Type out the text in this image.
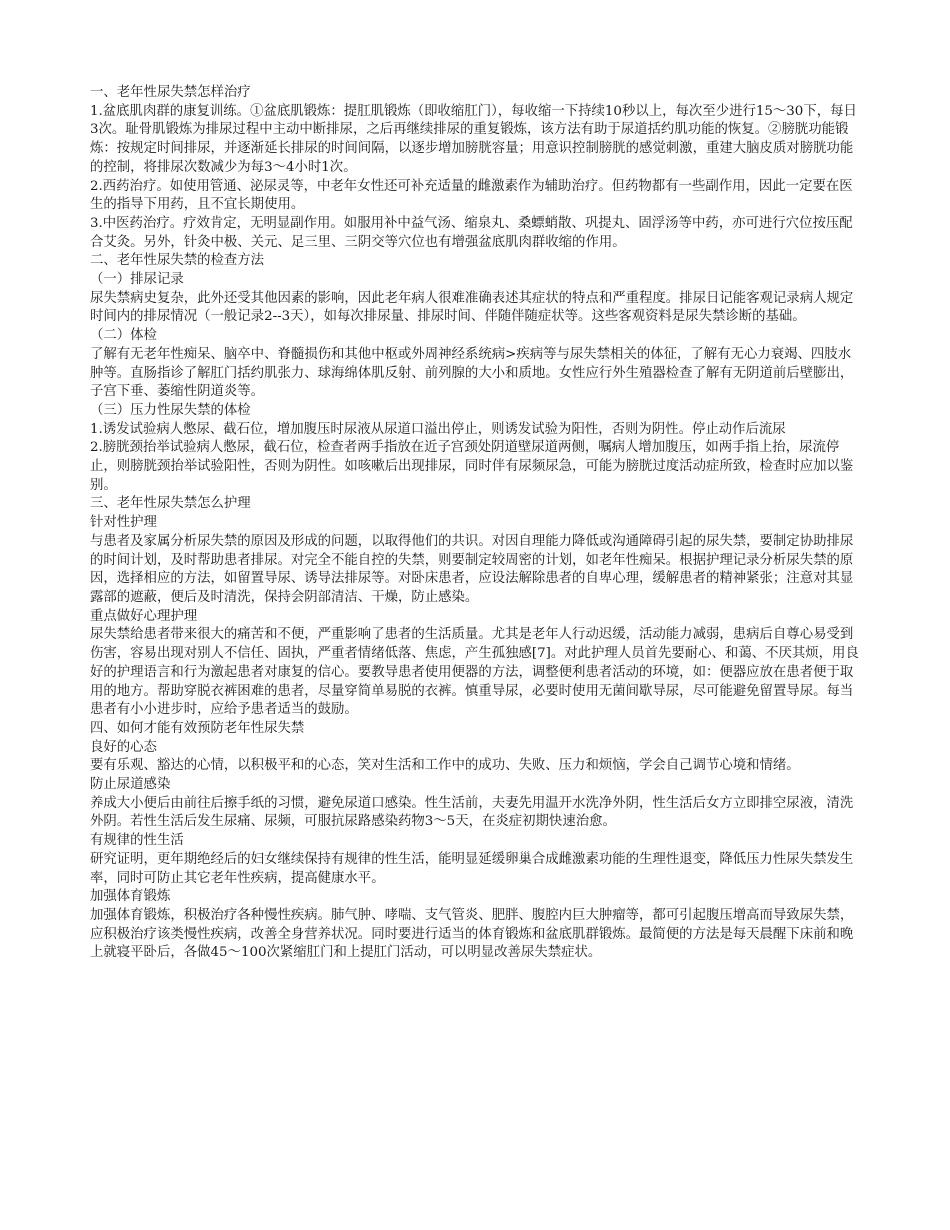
一、老年性尿失禁怎样治疗
1.盆底肌肉群的康复训练。①盆底肌锻炼：提肛肌锻炼（即收缩肛门），每收缩一下持续10秒以上，每次至少进行15～30下，每日3次。耻骨肌锻炼为排尿过程中主动中断排尿，之后再继续排尿的重复锻炼，该方法有助于尿道括约肌功能的恢复。②膀胱功能锻炼：按规定时间排尿，并逐渐延长排尿的时间间隔，以逐步增加膀胱容量；用意识控制膀胱的感觉刺激，重建大脑皮质对膀胱功能的控制，将排尿次数减少为每3～4小时1次。
2.西药治疗。如使用管通、泌尿灵等，中老年女性还可补充适量的雌激素作为辅助治疗。但药物都有一些副作用，因此一定要在医生的指导下用药，且不宜长期使用。
3.中医药治疗。疗效肯定，无明显副作用。如服用补中益气汤、缩泉丸、桑螵蛸散、巩提丸、固浮汤等中药，亦可进行穴位按压配合艾灸。另外，针灸中极、关元、足三里、三阴交等穴位也有增强盆底肌肉群收缩的作用。
二、老年性尿失禁的检查方法
（一）排尿记录
尿失禁病史复杂，此外还受其他因素的影响，因此老年病人很难准确表述其症状的特点和严重程度。排尿日记能客观记录病人规定时间内的排尿情况（一般记录2--3天），如每次排尿量、排尿时间、伴随伴随症状等。这些客观资料是尿失禁诊断的基础。
（二）体检
了解有无老年性痴呆、脑卒中、脊髓损伤和其他中枢或外周神经系统病>疾病等与尿失禁相关的体征，了解有无心力衰竭、四肢水肿等。直肠指诊了解肛门括约肌张力、球海绵体肌反射、前列腺的大小和质地。女性应行外生殖器检查了解有无阴道前后壁膨出，子宫下垂、萎缩性阴道炎等。
（三）压力性尿失禁的体检
1.诱发试验病人憋尿、截石位，增加腹压时尿液从尿道口溢出停止，则诱发试验为阳性，否则为阴性。停止动作后流尿
2.膀胱颈抬举试验病人憋尿，截石位，检查者两手指放在近子宫颈处阴道壁尿道两侧，嘱病人增加腹压，如两手指上抬，尿流停止，则膀胱颈抬举试验阳性，否则为阴性。如咳嗽后出现排尿，同时伴有尿频尿急，可能为膀胱过度活动症所致，检查时应加以鉴别。
三、老年性尿失禁怎么护理
针对性护理
与患者及家属分析尿失禁的原因及形成的问题，以取得他们的共识。对因自理能力降低或沟通障碍引起的尿失禁，要制定协助排尿的时间计划，及时帮助患者排尿。对完全不能自控的失禁，则要制定较周密的计划，如老年性痴呆。根据护理记录分析尿失禁的原因，选择相应的方法，如留置导尿、诱导法排尿等。对卧床患者，应设法解除患者的自卑心理，缓解患者的精神紧张；注意对其显露部的遮蔽，便后及时清洗，保持会阴部清洁、干燥，防止感染。
重点做好心理护理
尿失禁给患者带来很大的痛苦和不便，严重影响了患者的生活质量。尤其是老年人行动迟缓，活动能力减弱，患病后自尊心易受到伤害，容易出现对别人不信任、固执，严重者情绪低落、焦虑，产生孤独感[7]。对此护理人员首先要耐心、和蔼、不厌其烦，用良好的护理语言和行为激起患者对康复的信心。要教导患者使用便器的方法，调整便利患者活动的环境，如：便器应放在患者便于取用的地方。帮助穿脱衣裤困难的患者，尽量穿简单易脱的衣裤。慎重导尿，必要时使用无菌间歇导尿，尽可能避免留置导尿。每当患者有小小进步时，应给予患者适当的鼓励。
四、如何才能有效预防老年性尿失禁
良好的心态
要有乐观、豁达的心情，以积极平和的心态，笑对生活和工作中的成功、失败、压力和烦恼，学会自己调节心境和情绪。
防止尿道感染
养成大小便后由前往后擦手纸的习惯，避免尿道口感染。性生活前，夫妻先用温开水洗净外阴，性生活后女方立即排空尿液，清洗外阴。若性生活后发生尿痛、尿频，可服抗尿路感染药物3～5天，在炎症初期快速治愈。
有规律的性生活
研究证明，更年期绝经后的妇女继续保持有规律的性生活，能明显延缓卵巢合成雌激素功能的生理性退变，降低压力性尿失禁发生率，同时可防止其它老年性疾病，提高健康水平。
加强体育锻炼
加强体育锻炼，积极治疗各种慢性疾病。肺气肿、哮喘、支气管炎、肥胖、腹腔内巨大肿瘤等，都可引起腹压增高而导致尿失禁，应积极治疗该类慢性疾病，改善全身营养状况。同时要进行适当的体育锻炼和盆底肌群锻炼。最简便的方法是每天晨醒下床前和晚上就寝平卧后，各做45～100次紧缩肛门和上提肛门活动，可以明显改善尿失禁症状。
